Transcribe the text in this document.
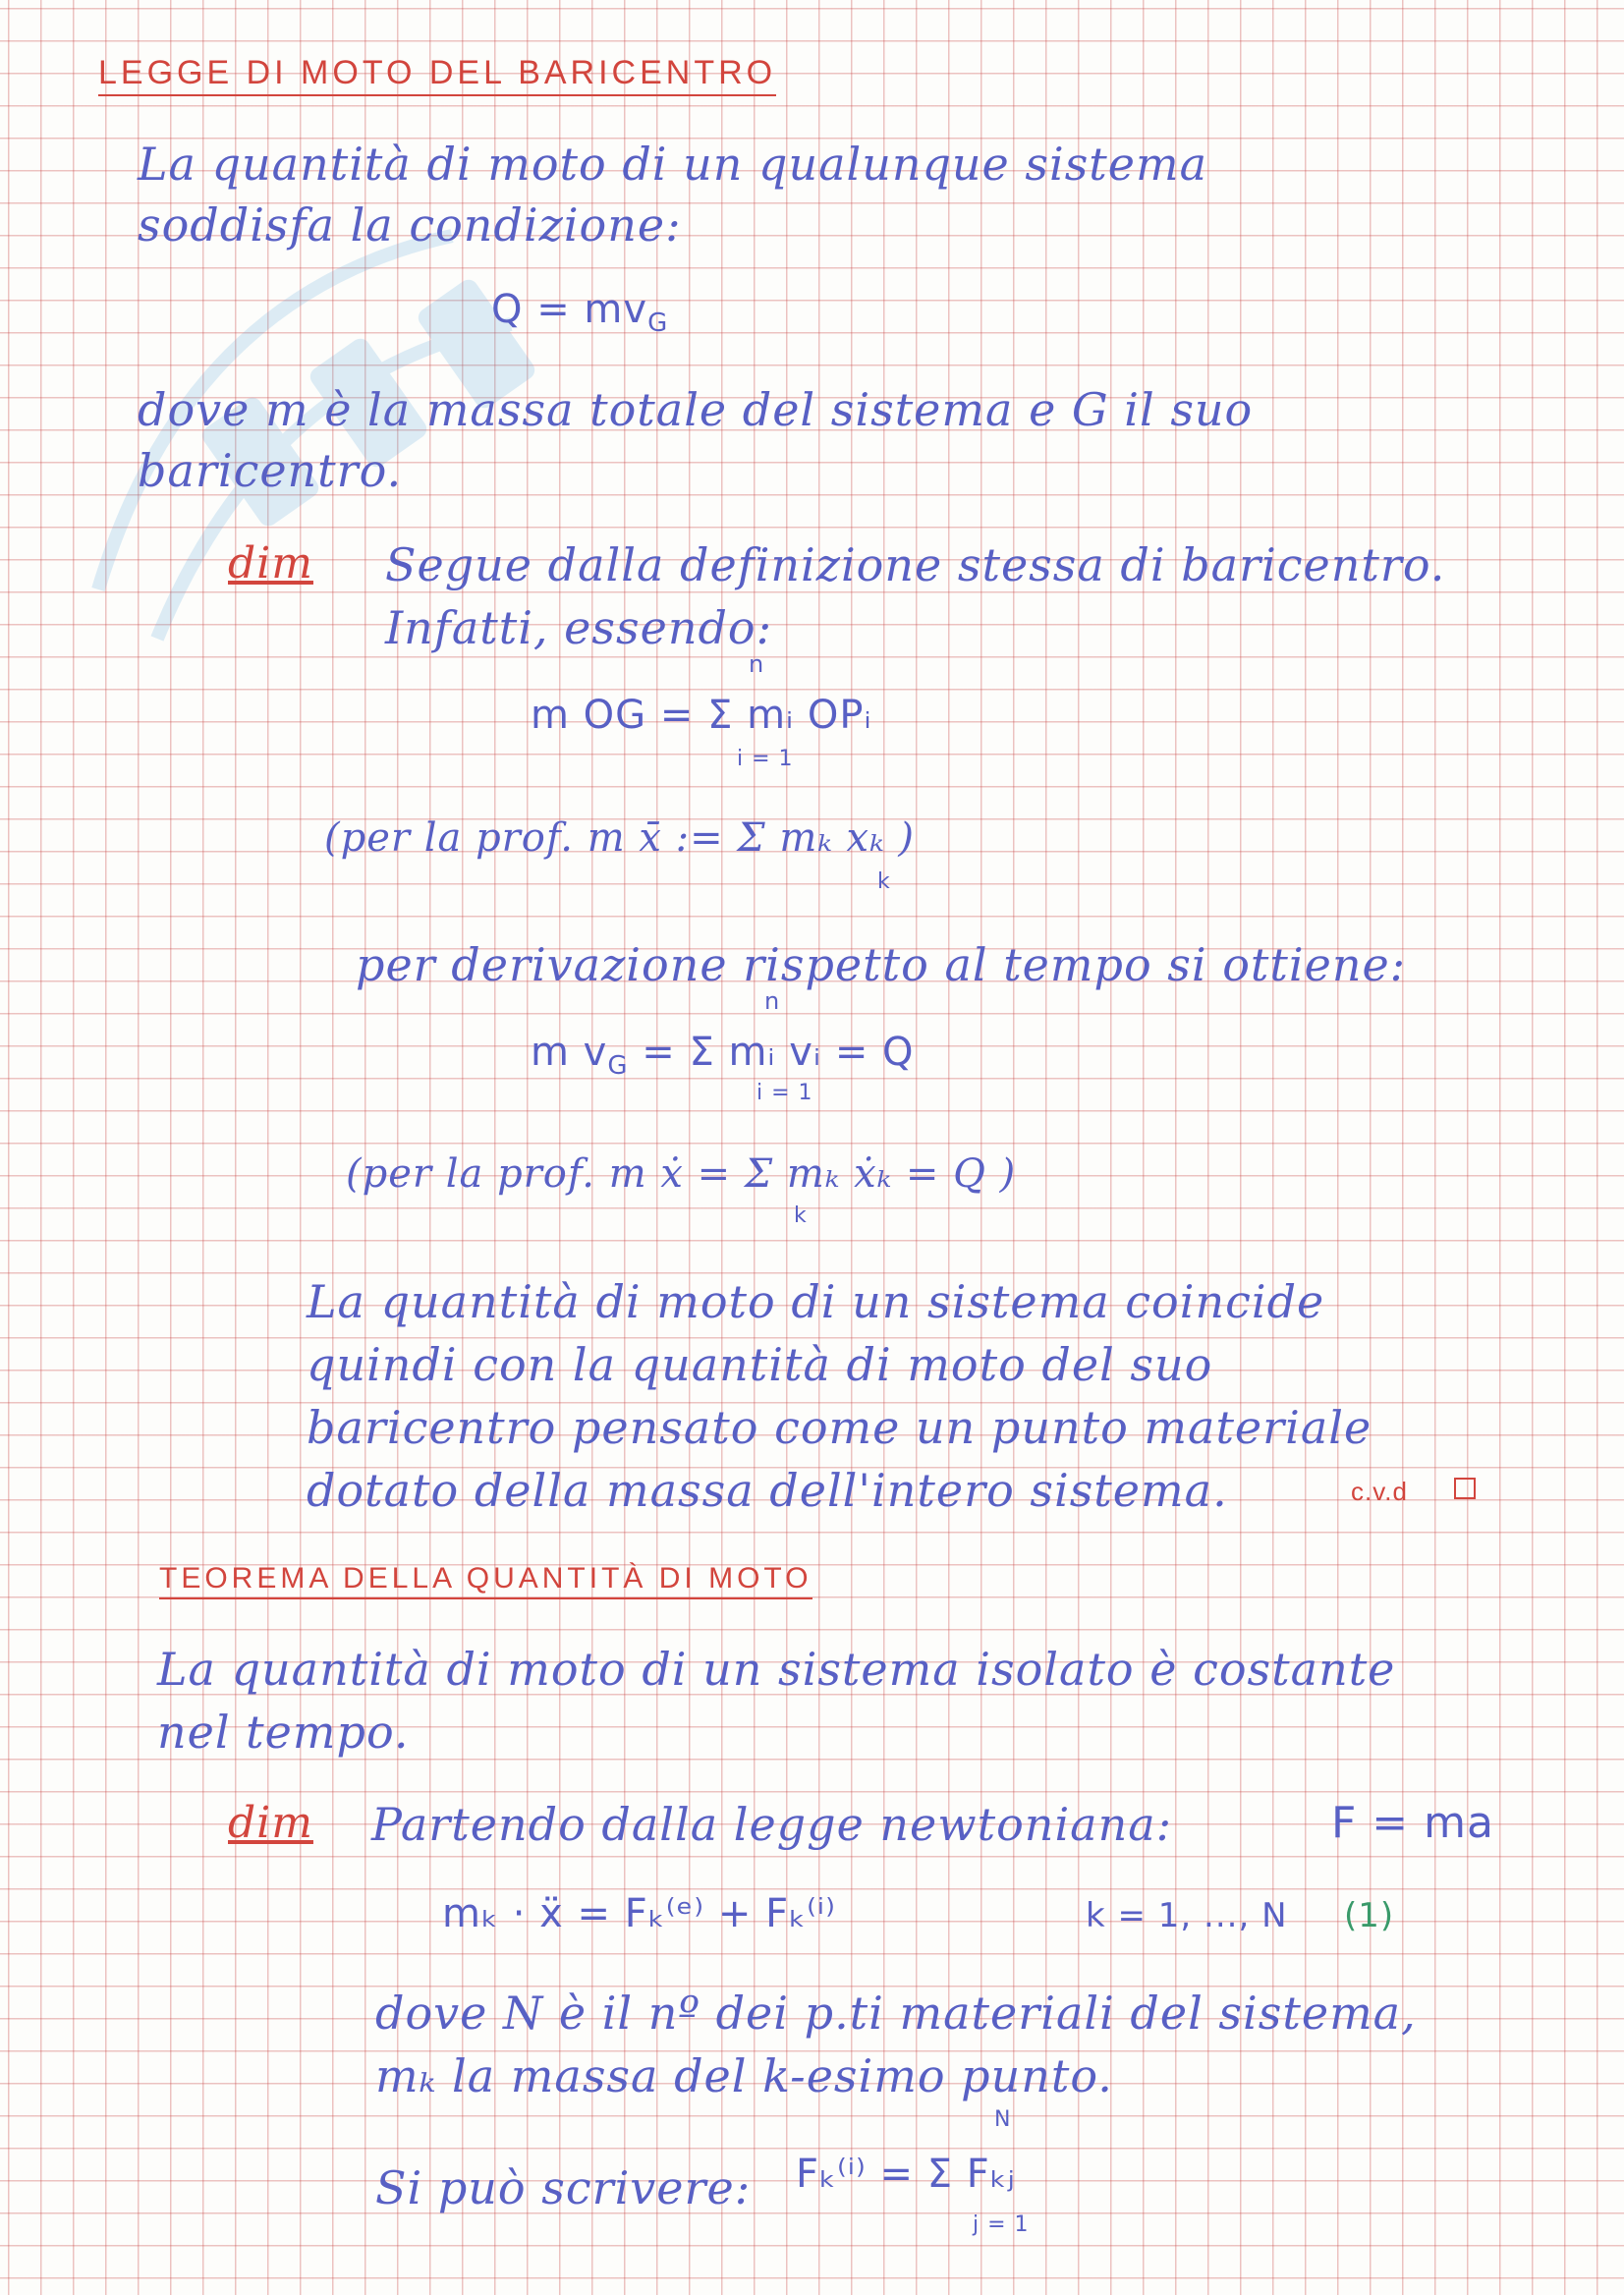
LEGGE DI MOTO DEL BARICENTRO
La quantità di moto di un qualunque sistema
soddisfa la condizione:
$Q = mv_G$
dove m è la massa totale del sistema e G il suo
baricentro.
dim Segue dalla definizione stessa di baricentro.
Infatti, essendo:
n
m OG = Σ mᵢ OPᵢ
i = 1
(per la prof. m x̄ := Σ mₖ xₖ )
k
per derivazione rispetto al tempo si ottiene:
n
m $v_G = \Sigma$ mᵢ vᵢ = Q
i = 1
(per la prof. m ẋ = Σ mₖ ẋₖ = Q )
k
La quantità di moto di un sistema coincide
quindi con la quantità di moto del suo
baricentro pensato come un punto materiale
dotato della massa dell'intero sistema.	c.v.d
TEOREMA DELLA QUANTITÀ DI MOTO
La quantità di moto di un sistema isolato è costante
nel tempo.
dim Partendo dalla legge newtoniana:	F = ma
mₖ · ẍ = Fₖ⁽ᵉ⁾ + Fₖ⁽ⁱ⁾	k = 1, ..., N (1)
dove N è il nº dei p.ti materiali del sistema,
mₖ la massa del k-esimo punto.
Si può scrivere:
N
Fₖ⁽ⁱ⁾ = Σ Fₖⱼ
j = 1
